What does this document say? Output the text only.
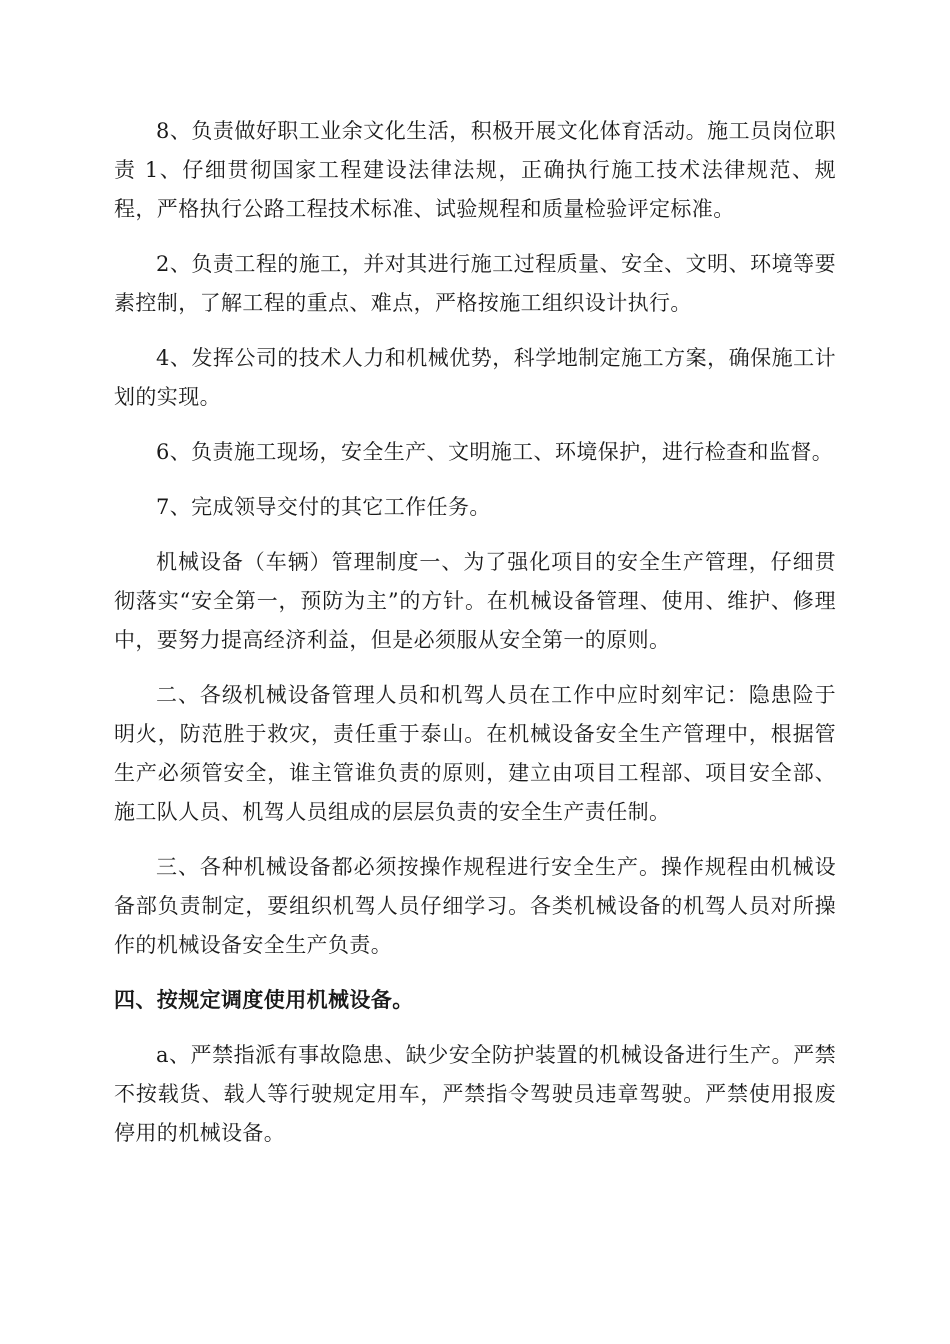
8、负责做好职工业余文化生活，积极开展文化体育活动。施工员岗位职责 1、仔细贯彻国家工程建设法律法规，正确执行施工技术法律规范、规程，严格执行公路工程技术标准、试验规程和质量检验评定标准。

2、负责工程的施工，并对其进行施工过程质量、安全、文明、环境等要素控制，了解工程的重点、难点，严格按施工组织设计执行。

4、发挥公司的技术人力和机械优势，科学地制定施工方案，确保施工计划的实现。

6、负责施工现场，安全生产、文明施工、环境保护，进行检查和监督。

7、完成领导交付的其它工作任务。

机械设备（车辆）管理制度一、为了强化项目的安全生产管理，仔细贯彻落实“安全第一，预防为主”的方针。在机械设备管理、使用、维护、修理中，要努力提高经济利益，但是必须服从安全第一的原则。

二、各级机械设备管理人员和机驾人员在工作中应时刻牢记：隐患险于明火，防范胜于救灾，责任重于泰山。在机械设备安全生产管理中，根据管生产必须管安全，谁主管谁负责的原则，建立由项目工程部、项目安全部、施工队人员、机驾人员组成的层层负责的安全生产责任制。

三、各种机械设备都必须按操作规程进行安全生产。操作规程由机械设备部负责制定，要组织机驾人员仔细学习。各类机械设备的机驾人员对所操作的机械设备安全生产负责。

四、按规定调度使用机械设备。

a、严禁指派有事故隐患、缺少安全防护装置的机械设备进行生产。严禁不按载货、载人等行驶规定用车，严禁指令驾驶员违章驾驶。严禁使用报废停用的机械设备。
